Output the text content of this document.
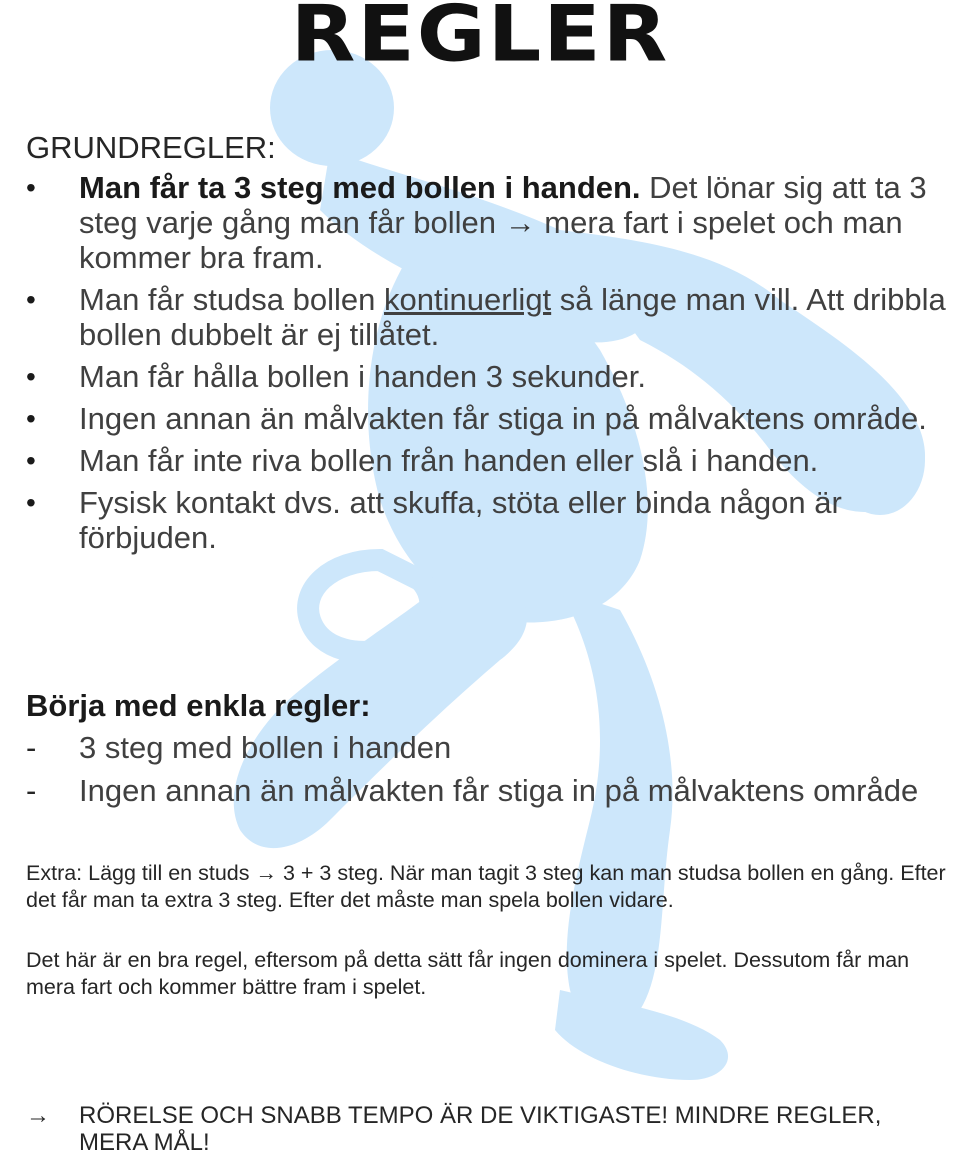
REGLER
GRUNDREGLER:
•	Man får ta 3 steg med bollen i handen. Det lönar sig att ta 3 steg varje gång man får bollen → mera fart i spelet och man kommer bra fram.
•	Man får studsa bollen kontinuerligt så länge man vill. Att dribbla bollen dubbelt är ej tillåtet.
•	Man får hålla bollen i handen 3 sekunder.
•	Ingen annan än målvakten får stiga in på målvaktens område.
•	Man får inte riva bollen från handen eller slå i handen.
•	Fysisk kontakt dvs. att skuffa, stöta eller binda någon är förbjuden.
Börja med enkla regler:
- 3 steg med bollen i handen
- Ingen annan än målvakten får stiga in på målvaktens område
Extra: Lägg till en studs → 3 + 3 steg. När man tagit 3 steg kan man studsa bollen en gång. Efter det får man ta extra 3 steg. Efter det måste man spela bollen vidare.
Det här är en bra regel, eftersom på detta sätt får ingen dominera i spelet. Dessutom får man mera fart och kommer bättre fram i spelet.
→	RÖRELSE OCH SNABB TEMPO ÄR DE VIKTIGASTE! MINDRE REGLER, MERA MÅL!
